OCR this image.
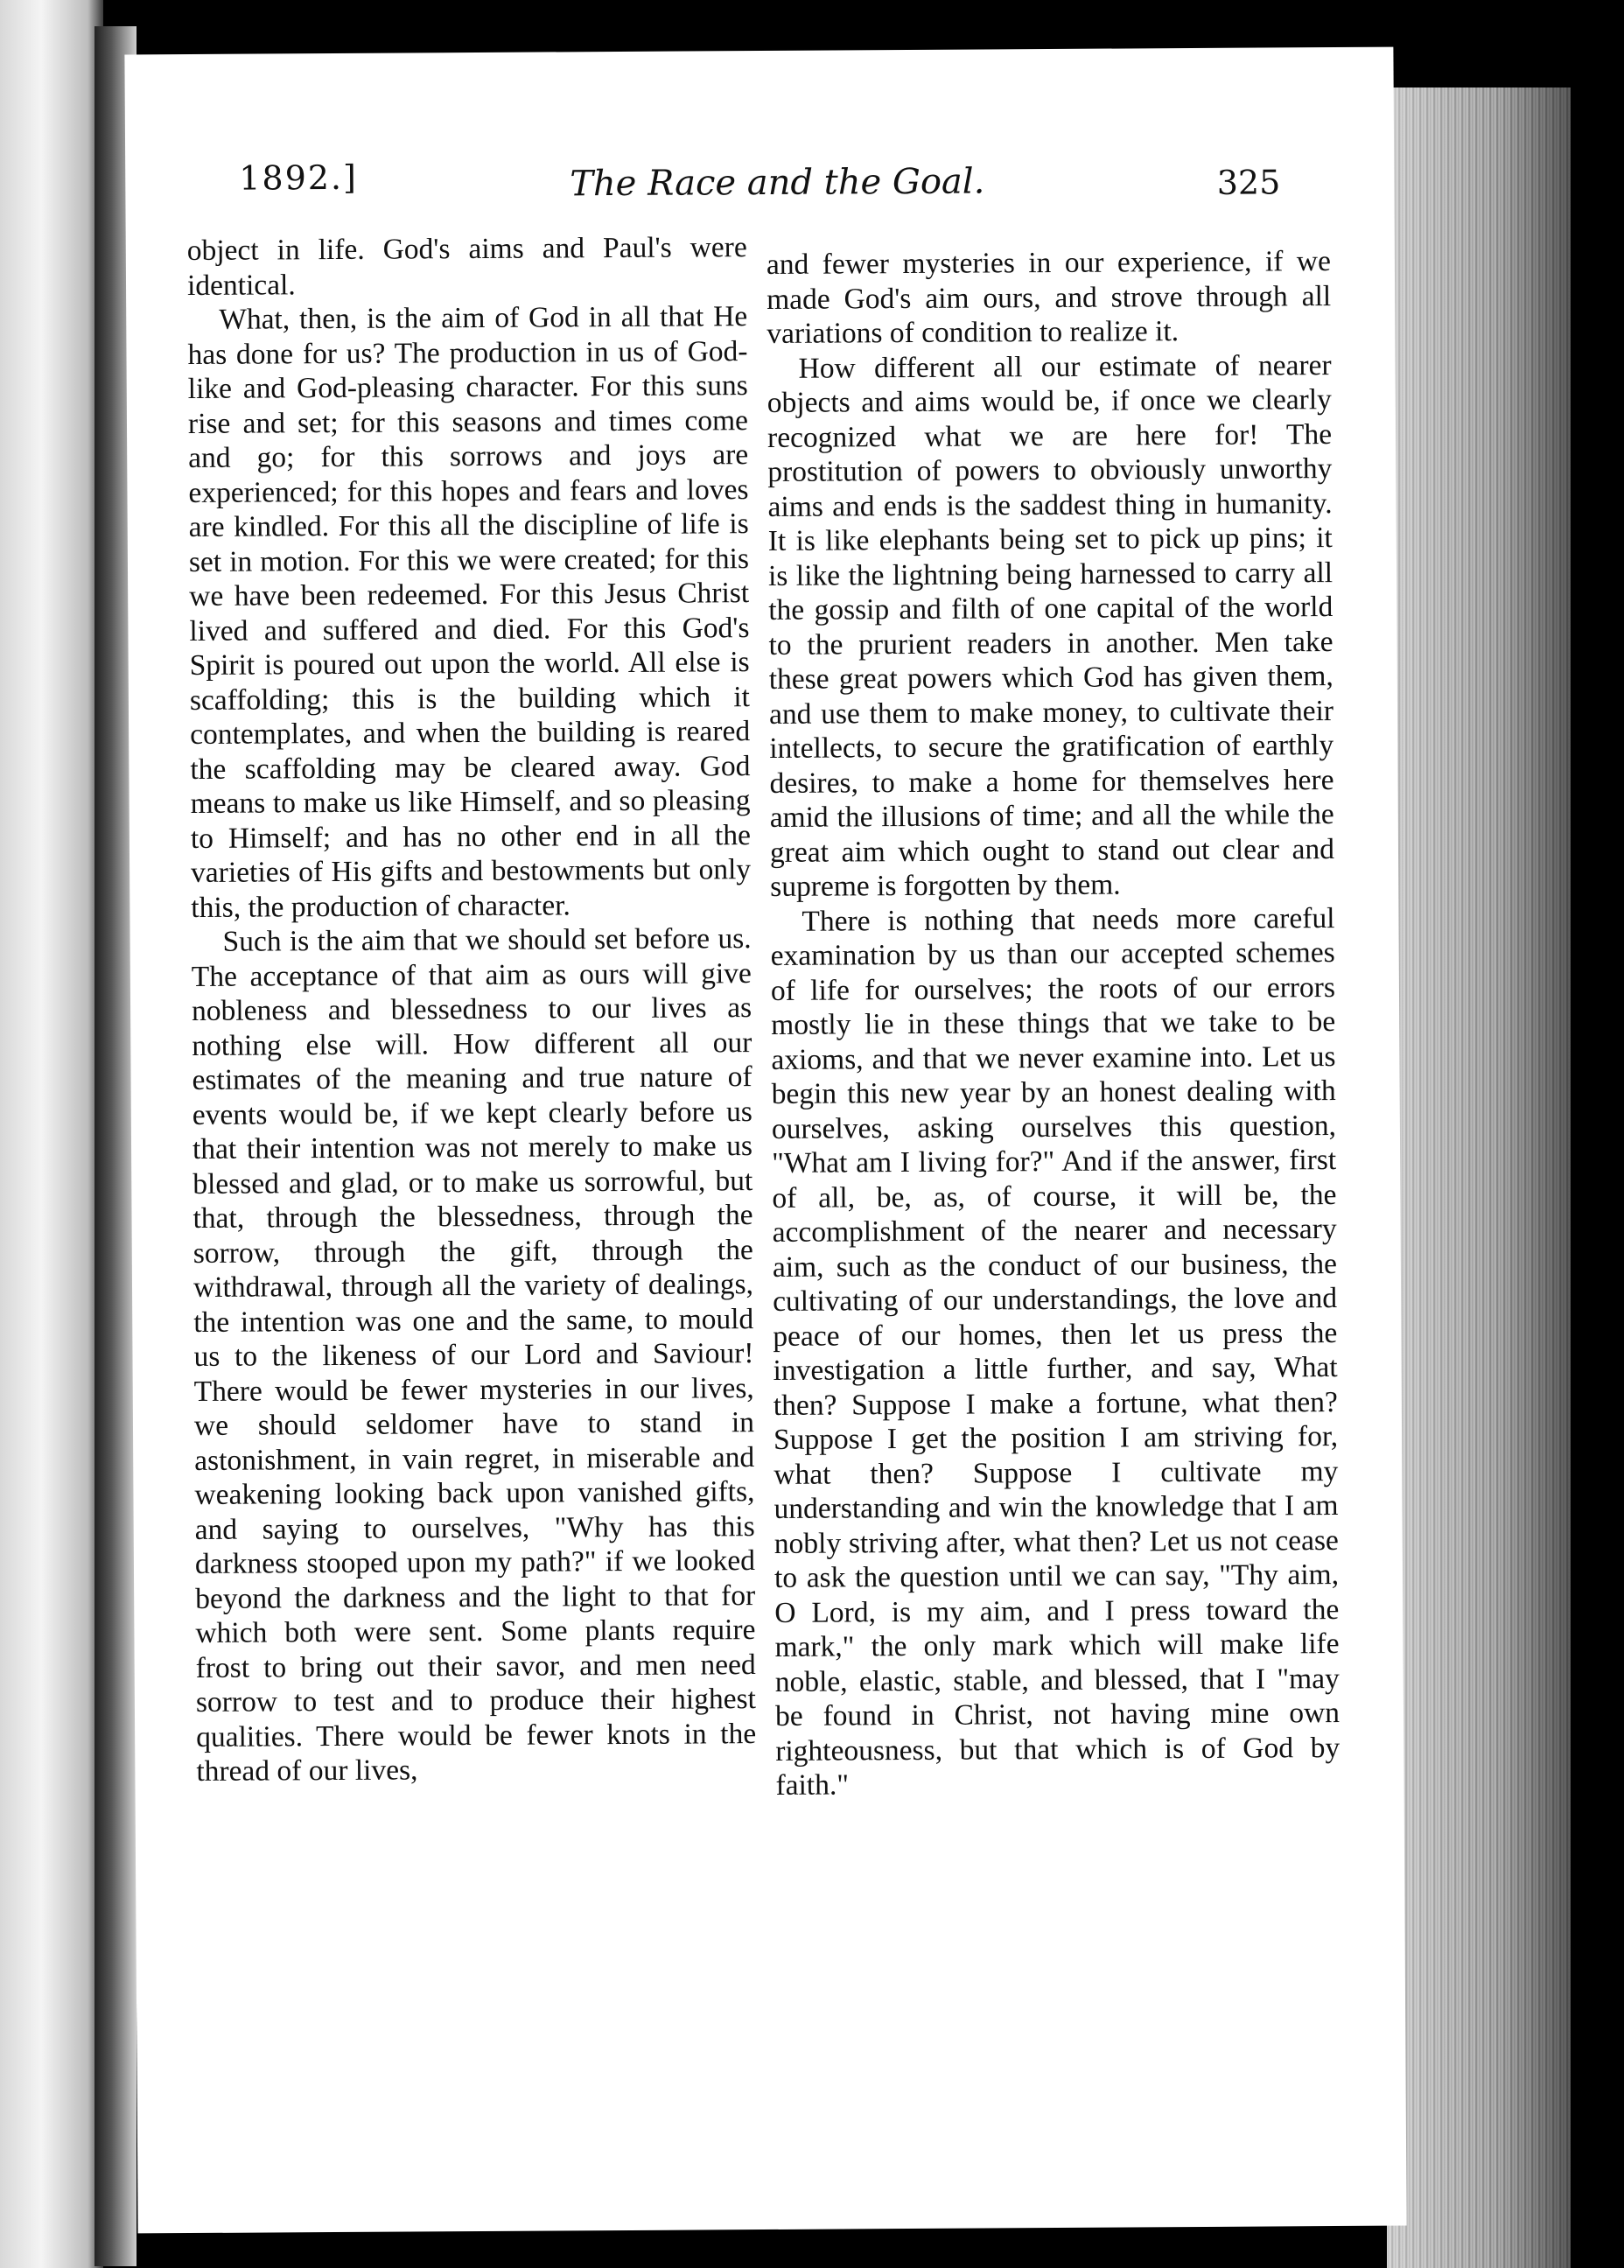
1892.]	The Race and the Goal.	325

object in life. God's aims and Paul's were identical.

What, then, is the aim of God in all that He has done for us? The production in us of God-like and God-pleasing character. For this suns rise and set; for this seasons and times come and go; for this sorrows and joys are experienced; for this hopes and fears and loves are kindled. For this all the discipline of life is set in motion. For this we were created; for this we have been redeemed. For this Jesus Christ lived and suffered and died. For this God's Spirit is poured out upon the world. All else is scaffolding; this is the building which it contemplates, and when the building is reared the scaffolding may be cleared away. God means to make us like Himself, and so pleasing to Himself; and has no other end in all the varieties of His gifts and bestowments but only this, the production of character.

Such is the aim that we should set before us. The acceptance of that aim as ours will give nobleness and blessedness to our lives as nothing else will. How different all our estimates of the meaning and true nature of events would be, if we kept clearly before us that their intention was not merely to make us blessed and glad, or to make us sorrowful, but that, through the blessedness, through the sorrow, through the gift, through the withdrawal, through all the variety of dealings, the intention was one and the same, to mould us to the likeness of our Lord and Saviour! There would be fewer mysteries in our lives, we should seldomer have to stand in astonishment, in vain regret, in miserable and weakening looking back upon vanished gifts, and saying to ourselves, "Why has this darkness stooped upon my path?" if we looked beyond the darkness and the light to that for which both were sent. Some plants require frost to bring out their savor, and men need sorrow to test and to produce their highest qualities. There would be fewer knots in the thread of our lives,

and fewer mysteries in our experience, if we made God's aim ours, and strove through all variations of condition to realize it.

How different all our estimate of nearer objects and aims would be, if once we clearly recognized what we are here for! The prostitution of powers to obviously unworthy aims and ends is the saddest thing in humanity. It is like elephants being set to pick up pins; it is like the lightning being harnessed to carry all the gossip and filth of one capital of the world to the prurient readers in another. Men take these great powers which God has given them, and use them to make money, to cultivate their intellects, to secure the gratification of earthly desires, to make a home for themselves here amid the illusions of time; and all the while the great aim which ought to stand out clear and supreme is forgotten by them.

There is nothing that needs more careful examination by us than our accepted schemes of life for ourselves; the roots of our errors mostly lie in these things that we take to be axioms, and that we never examine into. Let us begin this new year by an honest dealing with ourselves, asking ourselves this question, "What am I living for?" And if the answer, first of all, be, as, of course, it will be, the accomplishment of the nearer and necessary aim, such as the conduct of our business, the cultivating of our understandings, the love and peace of our homes, then let us press the investigation a little further, and say, What then? Suppose I make a fortune, what then? Suppose I get the position I am striving for, what then? Suppose I cultivate my understanding and win the knowledge that I am nobly striving after, what then? Let us not cease to ask the question until we can say, "Thy aim, O Lord, is my aim, and I press toward the mark," the only mark which will make life noble, elastic, stable, and blessed, that I "may be found in Christ, not having mine own righteousness, but that which is of God by faith."
